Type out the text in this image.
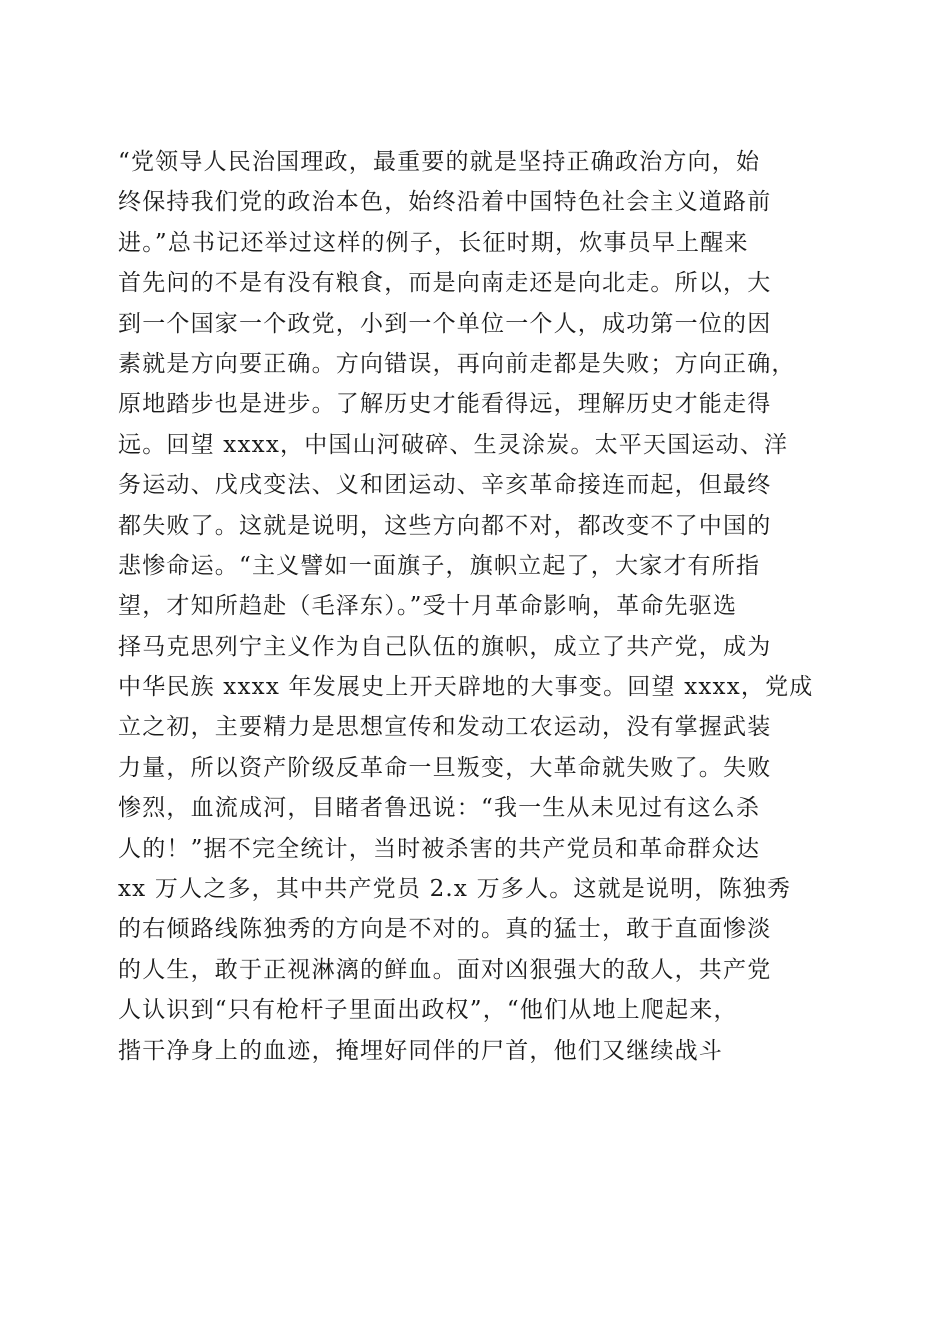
“党领导人民治国理政，最重要的就是坚持正确政治方向，始
终保持我们党的政治本色，始终沿着中国特色社会主义道路前
进。”总书记还举过这样的例子，长征时期，炊事员早上醒来
首先问的不是有没有粮食，而是向南走还是向北走。所以，大
到一个国家一个政党，小到一个单位一个人，成功第一位的因
素就是方向要正确。方向错误，再向前走都是失败；方向正确，
原地踏步也是进步。了解历史才能看得远，理解历史才能走得
远。回望 xxxx，中国山河破碎、生灵涂炭。太平天国运动、洋
务运动、戊戌变法、义和团运动、辛亥革命接连而起，但最终
都失败了。这就是说明，这些方向都不对，都改变不了中国的
悲惨命运。“主义譬如一面旗子，旗帜立起了，大家才有所指
望，才知所趋赴（毛泽东）。”受十月革命影响，革命先驱选
择马克思列宁主义作为自己队伍的旗帜，成立了共产党，成为
中华民族 xxxx 年发展史上开天辟地的大事变。回望 xxxx，党成
立之初，主要精力是思想宣传和发动工农运动，没有掌握武装
力量，所以资产阶级反革命一旦叛变，大革命就失败了。失败
惨烈，血流成河，目睹者鲁迅说：“我一生从未见过有这么杀
人的！”据不完全统计，当时被杀害的共产党员和革命群众达
xx 万人之多，其中共产党员 2.x 万多人。这就是说明，陈独秀
的右倾路线陈独秀的方向是不对的。真的猛士，敢于直面惨淡
的人生，敢于正视淋漓的鲜血。面对凶狠强大的敌人，共产党
人认识到“只有枪杆子里面出政权”，“他们从地上爬起来，
揩干净身上的血迹，掩埋好同伴的尸首，他们又继续战斗
